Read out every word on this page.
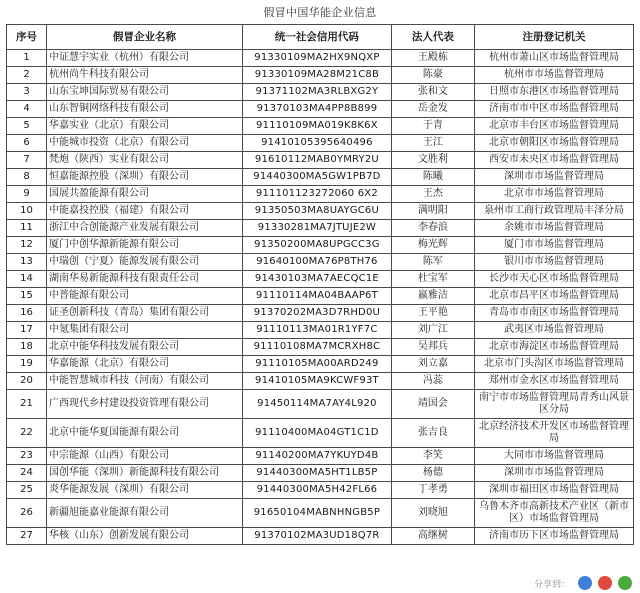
假冒中国华能企业信息
序号	假冒企业名称	统一社会信用代码	法人代表	注册登记机关
1	中证慧宇实业（杭州）有限公司	91330109MA2HX9NQXP	王殿栋	杭州市萧山区市场监督管理局
2	杭州尚牛科技有限公司	91330109MA28M21C8B	陈豪	杭州市市场监督管理局
3	山东宝坤国际贸易有限公司	91371102MA3RLBXG2Y	张和文	日照市东港区市场监督管理局
4	山东智铜网络科技有限公司	91370103MA4PP8B899	岳金发	济南市市中区市场监督管理局
5	华嘉实业（北京）有限公司	91110109MA019K8K6X	于青	北京市丰台区市场监督管理局
6	中能城市投资（北京）有限公司	91410105395640496	王江	北京市朝阳区市场监督管理局
7	梵炮（陕西）实业有限公司	91610112MAB0YMRY2U	文胜利	西安市未央区市场监督管理局
8	恒嘉能源控股（深圳）有限公司	91440300MA5GW1PB7D	陈曦	深圳市市场监督管理局
9	国展共盈能源有限公司	911101123272060 6X2	王杰	北京市市场监督管理局
10	中能嘉投控股（福建）有限公司	91350503MA8UAYGC6U	满明阳	泉州市工商行政管理局丰泽分局
11	浙江中合创能源产业发展有限公司	91330281MA7JTUJE2W	李春浪	余姚市市场监督管理局
12	厦门中创华源新能源有限公司	91350200MA8UPGCC3G	梅光辉	厦门市市场监督管理局
13	中瑞创（宁夏）能源发展有限公司	91640100MA76P8TH76	陈军	银川市市场监督管理局
14	湖南华易新能源科技有限责任公司	91430103MA7AECQC1E	杜宝军	长沙市天心区市场监督管理局
15	中普能源有限公司	91110114MA04BAAP6T	嬴雅洁	北京市昌平区市场监督管理局
16	证圣创新科技（青岛）集团有限公司	91370202MA3D7RHD0U	王平艳	青岛市市南区市场监督管理局
17	中氪集团有限公司	91110113MA01R1YF7C	刘广江	武夷区市场监督管理局
18	北京中能华科技发展有限公司	91110108MA7MCRXH8C	吴邦兵	北京市海淀区市场监督管理局
19	华嘉能源（北京）有限公司	91110105MA00ARD249	刘立嘉	北京市门头沟区市场监督管理局
20	中能智慧城市科技（河南）有限公司	91410105MA9KCWF93T	冯蕊	郑州市金水区市场监督管理局
21	广西现代乡村建设投资管理有限公司	91450114MA7AY4L920	靖国会	南宁市市场监督管理局青秀山风景区分局
22	北京中能华夏国能源有限公司	91110400MA04GT1C1D	张吉良	北京经济技术开发区市场监督管理局
23	中宗能源（山西）有限公司	91140200MA7YKUYD4B	李笑	大同市市场监督管理局
24	国创华能（深圳）新能源科技有限公司	91440300MA5HT1LB5P	杨德	深圳市市场监督管理局
25	炎华能源发展（深圳）有限公司	91440300MA5H42FL66	丁孝勇	深圳市福田区市场监督管理局
26	新疆旭能嘉业能源有限公司	91650104MABNHNGB5P	刘晓旭	乌鲁木齐市高新技术产业区（新市区）市场监督管理局
27	华核（山东）创新发展有限公司	91370102MA3UD18Q7R	高继树	济南市历下区市场监督管理局
分享到：
